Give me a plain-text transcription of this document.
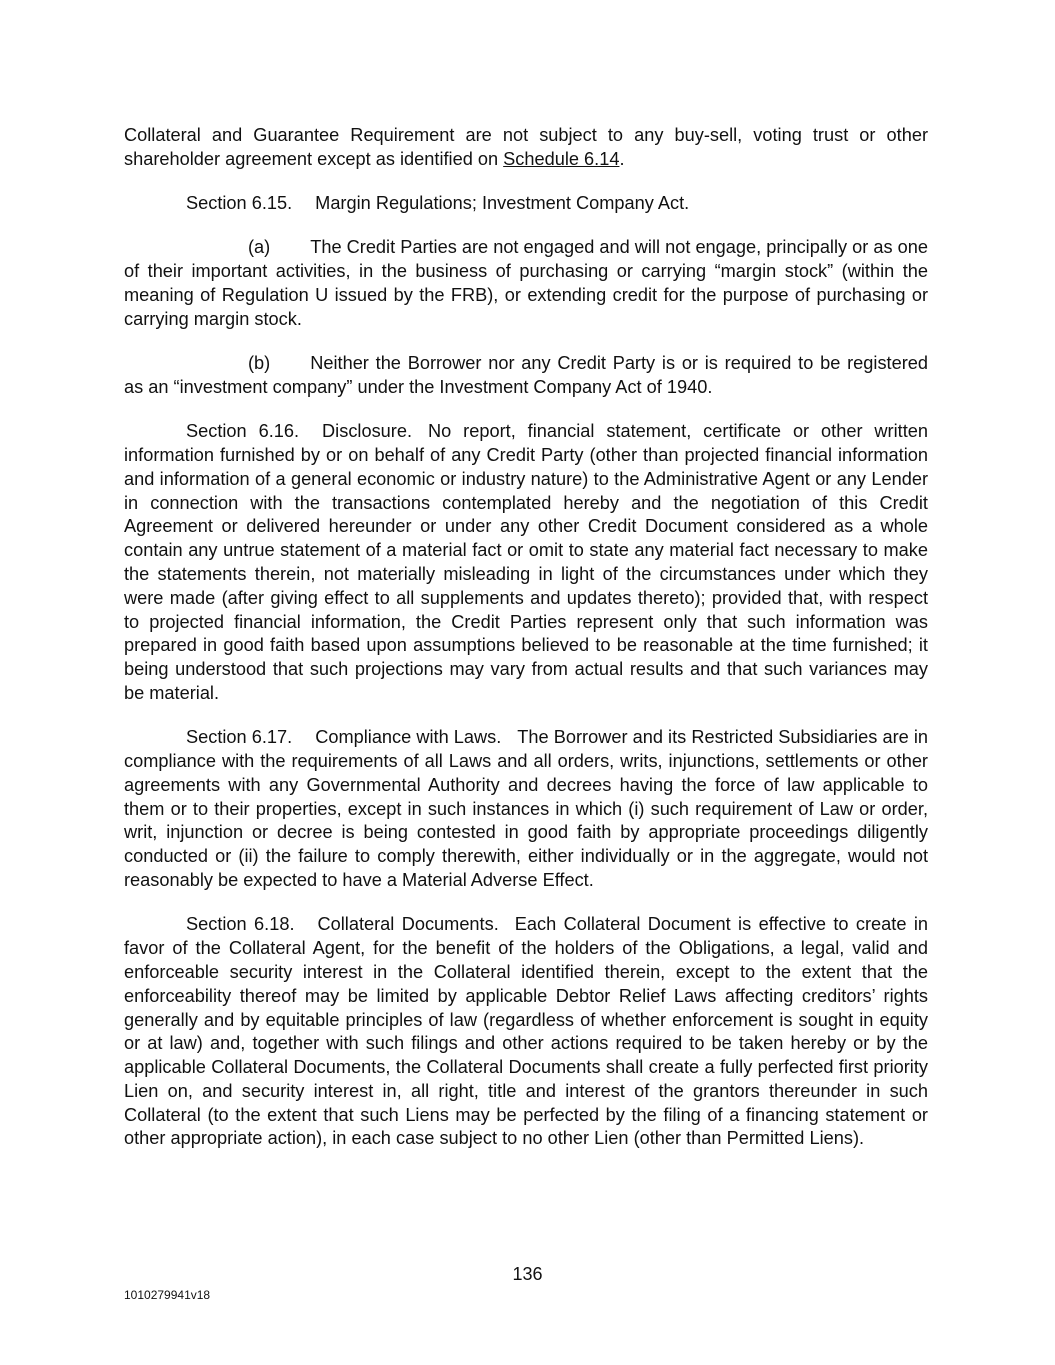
Collateral and Guarantee Requirement are not subject to any buy-sell, voting trust or other shareholder agreement except as identified on Schedule 6.14.

Section 6.15. Margin Regulations; Investment Company Act.

(a) The Credit Parties are not engaged and will not engage, principally or as one of their important activities, in the business of purchasing or carrying “margin stock” (within the meaning of Regulation U issued by the FRB), or extending credit for the purpose of purchasing or carrying margin stock.

(b) Neither the Borrower nor any Credit Party is or is required to be registered as an “investment company” under the Investment Company Act of 1940.

Section 6.16. Disclosure. No report, financial statement, certificate or other written information furnished by or on behalf of any Credit Party (other than projected financial information and information of a general economic or industry nature) to the Administrative Agent or any Lender in connection with the transactions contemplated hereby and the negotiation of this Credit Agreement or delivered hereunder or under any other Credit Document considered as a whole contain any untrue statement of a material fact or omit to state any material fact necessary to make the statements therein, not materially misleading in light of the circumstances under which they were made (after giving effect to all supplements and updates thereto); provided that, with respect to projected financial information, the Credit Parties represent only that such information was prepared in good faith based upon assumptions believed to be reasonable at the time furnished; it being understood that such projections may vary from actual results and that such variances may be material.

Section 6.17. Compliance with Laws. The Borrower and its Restricted Subsidiaries are in compliance with the requirements of all Laws and all orders, writs, injunctions, settlements or other agreements with any Governmental Authority and decrees having the force of law applicable to them or to their properties, except in such instances in which (i) such requirement of Law or order, writ, injunction or decree is being contested in good faith by appropriate proceedings diligently conducted or (ii) the failure to comply therewith, either individually or in the aggregate, would not reasonably be expected to have a Material Adverse Effect.

Section 6.18. Collateral Documents. Each Collateral Document is effective to create in favor of the Collateral Agent, for the benefit of the holders of the Obligations, a legal, valid and enforceable security interest in the Collateral identified therein, except to the extent that the enforceability thereof may be limited by applicable Debtor Relief Laws affecting creditors’ rights generally and by equitable principles of law (regardless of whether enforcement is sought in equity or at law) and, together with such filings and other actions required to be taken hereby or by the applicable Collateral Documents, the Collateral Documents shall create a fully perfected first priority Lien on, and security interest in, all right, title and interest of the grantors thereunder in such Collateral (to the extent that such Liens may be perfected by the filing of a financing statement or other appropriate action), in each case subject to no other Lien (other than Permitted Liens).

136
1010279941v18
